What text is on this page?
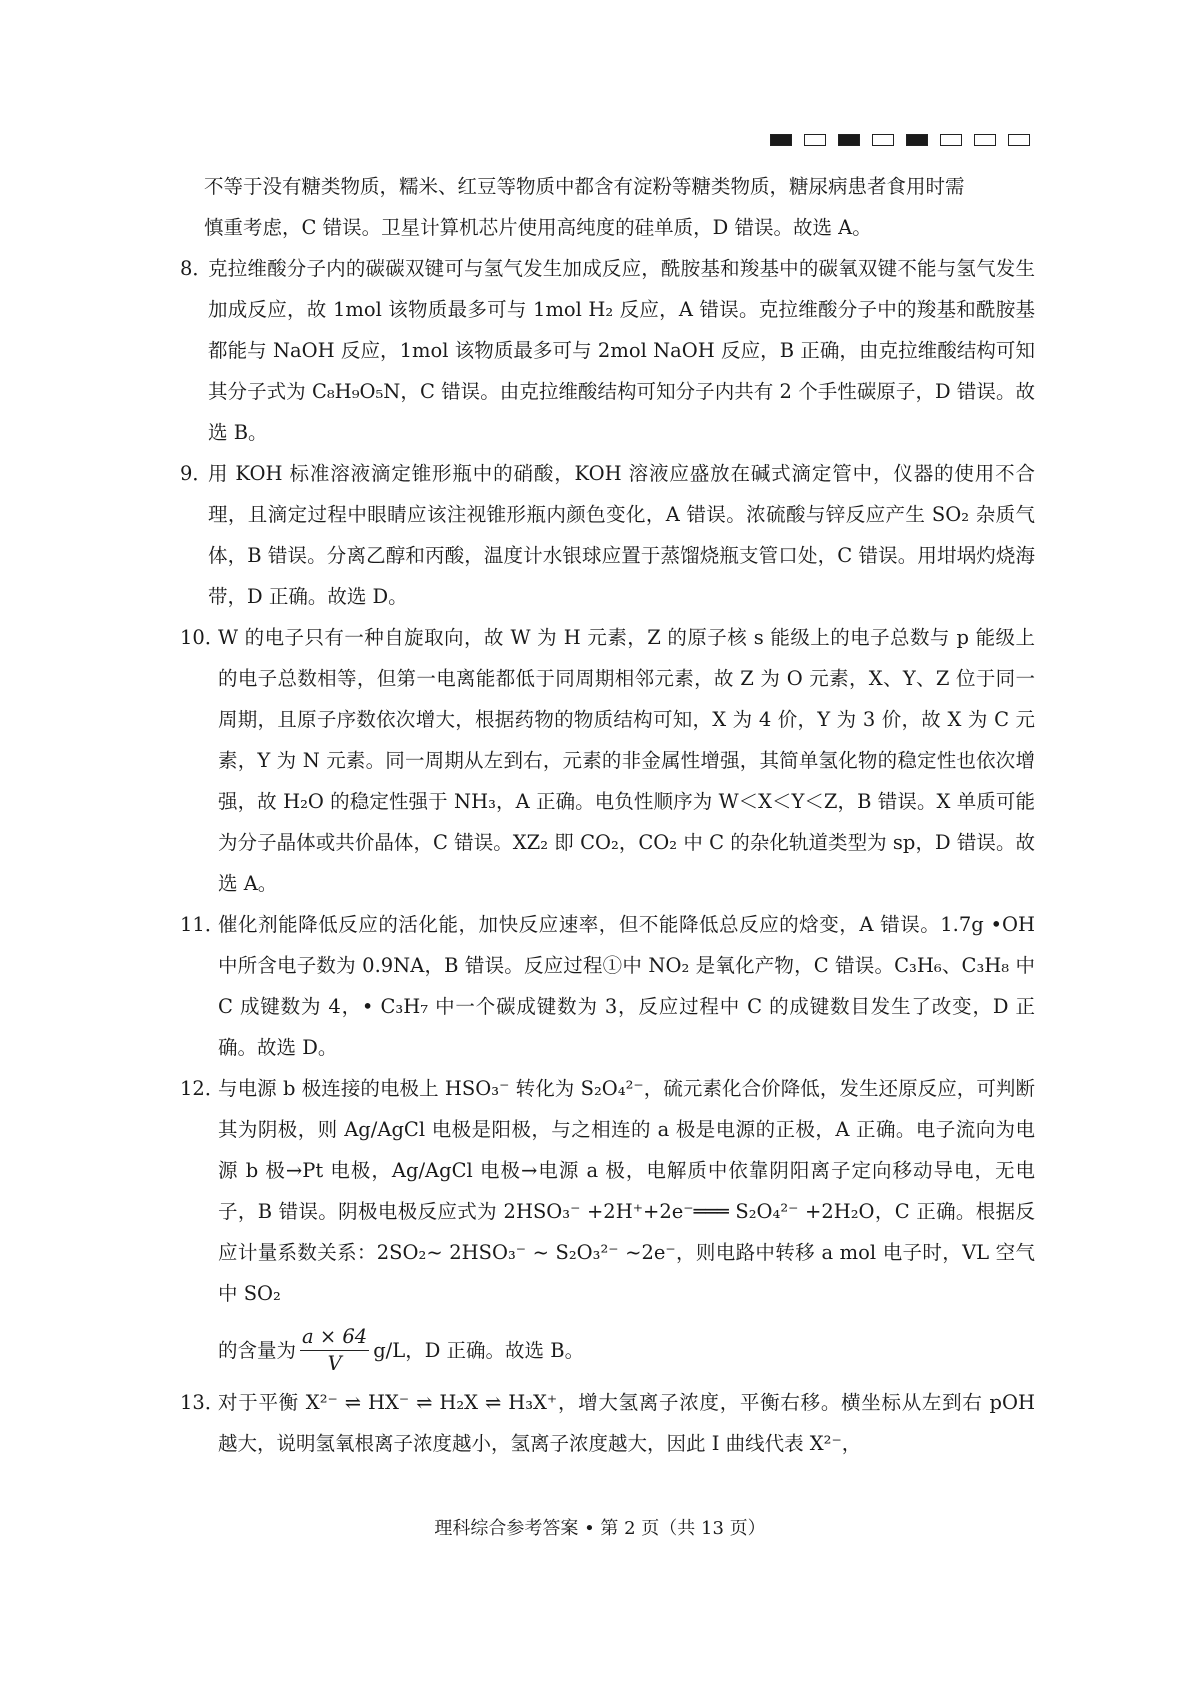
不等于没有糖类物质，糯米、红豆等物质中都含有淀粉等糖类物质，糖尿病患者食用时需
慎重考虑，C 错误。卫星计算机芯片使用高纯度的硅单质，D 错误。故选 A。

8．
克拉维酸分子内的碳碳双键可与氢气发生加成反应，酰胺基和羧基中的碳氧双键不能与氢气发生加成反应，故 1mol 该物质最多可与 1mol H₂ 反应，A 错误。克拉维酸分子中的羧基和酰胺基都能与 NaOH 反应，1mol 该物质最多可与 2mol NaOH 反应，B 正确，由克拉维酸结构可知其分子式为 C₈H₉O₅N，C 错误。由克拉维酸结构可知分子内共有 2 个手性碳原子，D 错误。故选 B。
9．
用 KOH 标准溶液滴定锥形瓶中的硝酸，KOH 溶液应盛放在碱式滴定管中，仪器的使用不合理，且滴定过程中眼睛应该注视锥形瓶内颜色变化，A 错误。浓硫酸与锌反应产生 SO₂ 杂质气体，B 错误。分离乙醇和丙酸，温度计水银球应置于蒸馏烧瓶支管口处，C 错误。用坩埚灼烧海带，D 正确。故选 D。
10．
W 的电子只有一种自旋取向，故 W 为 H 元素，Z 的原子核 s 能级上的电子总数与 p 能级上的电子总数相等，但第一电离能都低于同周期相邻元素，故 Z 为 O 元素，X、Y、Z 位于同一周期，且原子序数依次增大，根据药物的物质结构可知，X 为 4 价，Y 为 3 价，故 X 为 C 元素，Y 为 N 元素。同一周期从左到右，元素的非金属性增强，其简单氢化物的稳定性也依次增强，故 H₂O 的稳定性强于 NH₃，A 正确。电负性顺序为 W＜X＜Y＜Z，B 错误。X 单质可能为分子晶体或共价晶体，C 错误。XZ₂ 即 CO₂，CO₂ 中 C 的杂化轨道类型为 sp，D 错误。故选 A。
11．
催化剂能降低反应的活化能，加快反应速率，但不能降低总反应的焓变，A 错误。1.7g •OH 中所含电子数为 0.9NA，B 错误。反应过程①中 NO₂ 是氧化产物，C 错误。C₃H₆、C₃H₈ 中 C 成键数为 4，• C₃H₇ 中一个碳成键数为 3，反应过程中 C 的成键数目发生了改变，D 正确。故选 D。
12．
与电源 b 极连接的电极上 HSO₃⁻ 转化为 S₂O₄²⁻，硫元素化合价降低，发生还原反应，可判断其为阴极，则 Ag/AgCl 电极是阳极，与之相连的 a 极是电源的正极，A 正确。电子流向为电源 b 极→Pt 电极，Ag/AgCl 电极→电源 a 极，电解质中依靠阴阳离子定向移动导电，无电子，B 错误。阴极电极反应式为 2HSO₃⁻ +2H⁺+2e⁻═══ S₂O₄²⁻ +2H₂O，C 正确。根据反应计量系数关系：2SO₂~ 2HSO₃⁻ ~ S₂O₃²⁻ ~2e⁻，则电路中转移 a mol 电子时，VL 空气中 SO₂
的含量为 $\frac{a \times 64}{V} g/L$，D 正确。故选 B。
13．
对于平衡 X²⁻ ⇌ HX⁻ ⇌ H₂X ⇌ H₃X⁺，增大氢离子浓度，平衡右移。横坐标从左到右 pOH 越大，说明氢氧根离子浓度越小，氢离子浓度越大，因此 I 曲线代表 X²⁻，
理科综合参考答案 • 第 2 页（共 13 页）
